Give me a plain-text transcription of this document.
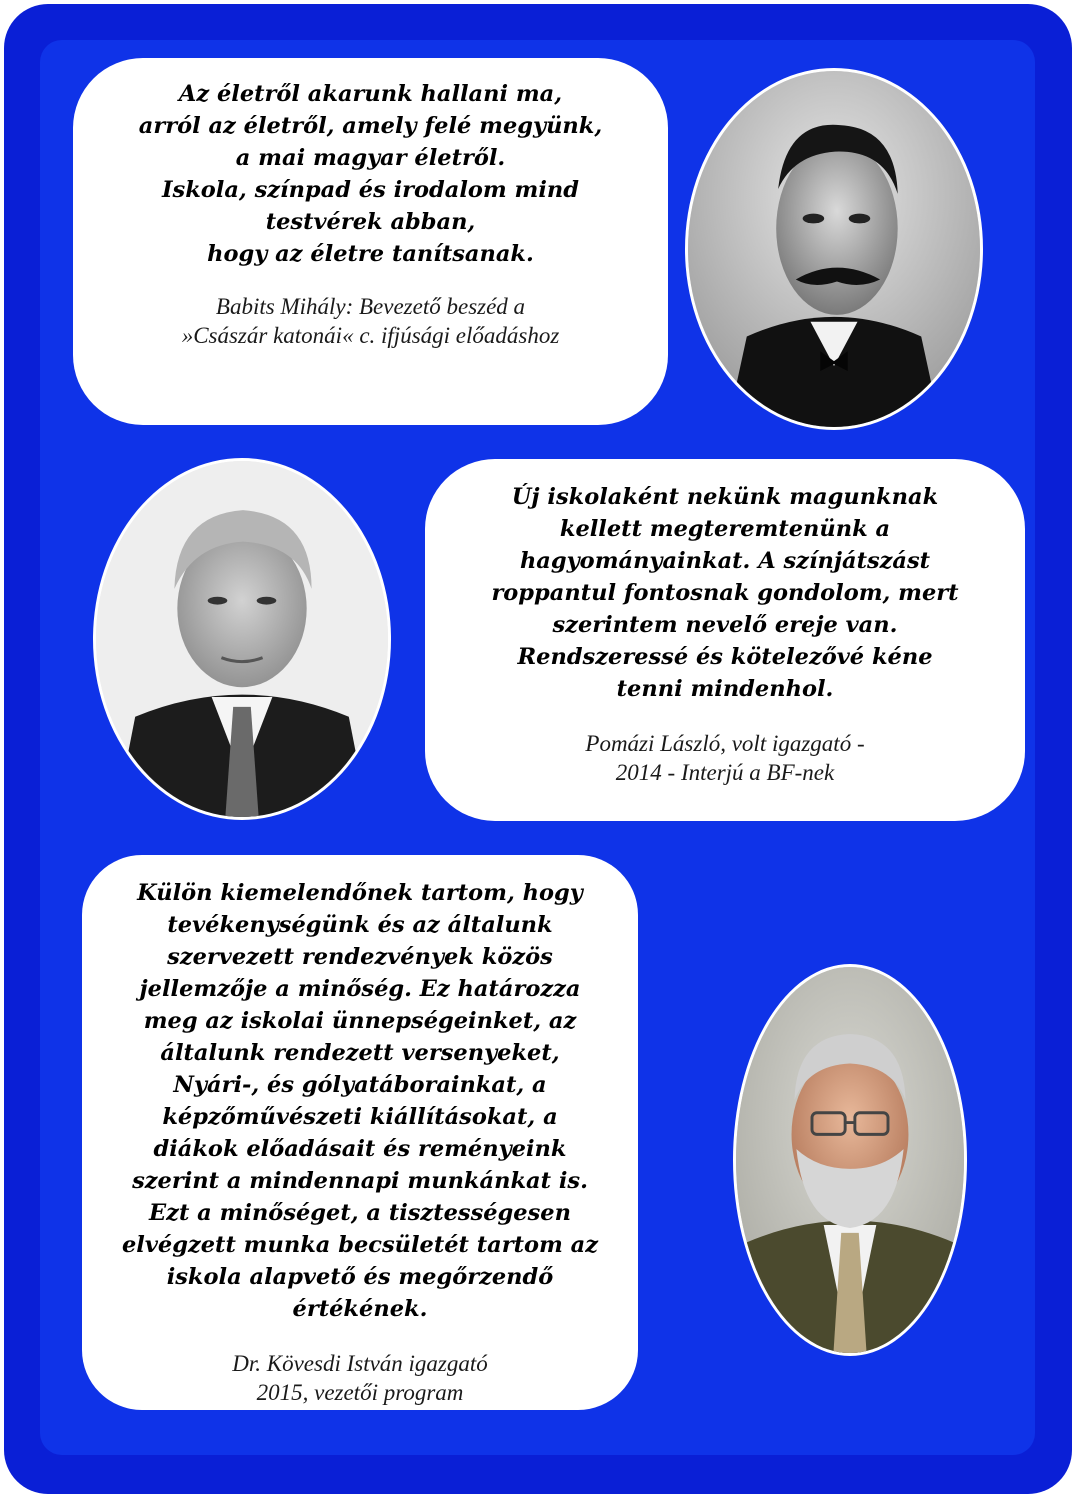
Az életről akarunk hallani ma,
arról az életről, amely felé megyünk,
a mai magyar életről.
Iskola, színpad és irodalom mind
testvérek abban,
hogy az életre tanítsanak.

Babits Mihály: Bevezető beszéd a
»Császár katonái« c. ifjúsági előadáshoz

Új iskolaként nekünk magunknak
kellett megteremtenünk a
hagyományainkat. A színjátszást
roppantul fontosnak gondolom, mert
szerintem nevelő ereje van.
Rendszeressé és kötelezővé kéne
tenni mindenhol.

Pomázi László, volt igazgató -
2014 - Interjú a BF-nek

Külön kiemelendőnek tartom, hogy
tevékenységünk és az általunk
szervezett rendezvények közös
jellemzője a minőség. Ez határozza
meg az iskolai ünnepségeinket, az
általunk rendezett versenyeket,
Nyári-, és gólyatáborainkat, a
képzőművészeti kiállításokat, a
diákok előadásait és reményeink
szerint a mindennapi munkánkat is.
Ezt a minőséget, a tisztességesen
elvégzett munka becsületét tartom az
iskola alapvető és megőrzendő
értékének.

Dr. Kövesdi István igazgató
2015, vezetői program
